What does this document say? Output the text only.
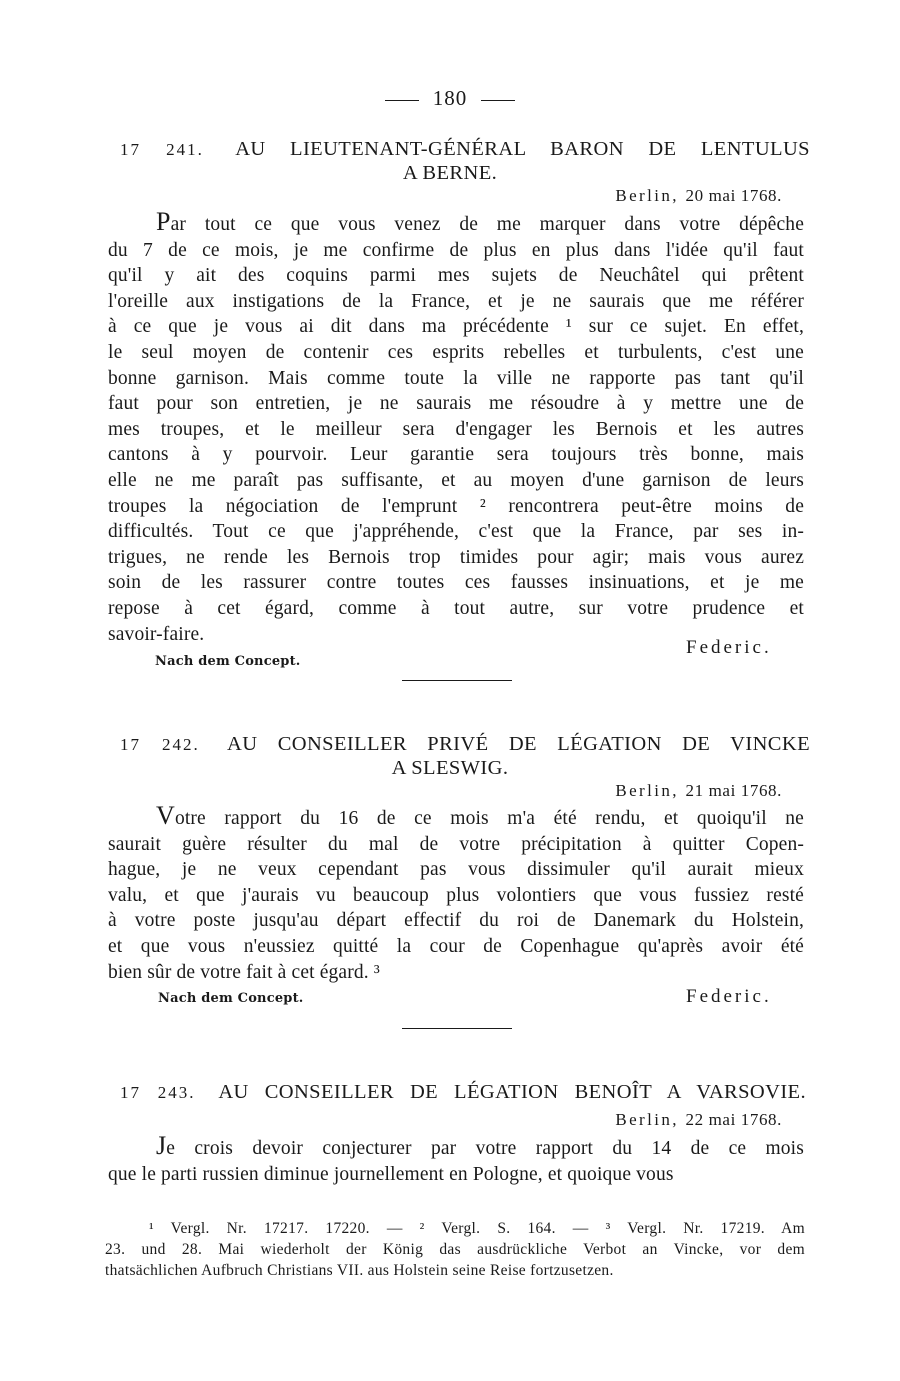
180
17 241. AU LIEUTENANT-GÉNÉRAL BARON DE LENTULUS
A BERNE.
Berlin, 20 mai 1768.
Par tout ce que vous venez de me marquer dans votre dépêche
du 7 de ce mois, je me confirme de plus en plus dans l'idée qu'il faut
qu'il y ait des coquins parmi mes sujets de Neuchâtel qui prêtent
l'oreille aux instigations de la France, et je ne saurais que me référer
à ce que je vous ai dit dans ma précédente ¹ sur ce sujet. En effet,
le seul moyen de contenir ces esprits rebelles et turbulents, c'est une
bonne garnison. Mais comme toute la ville ne rapporte pas tant qu'il
faut pour son entretien, je ne saurais me résoudre à y mettre une de
mes troupes, et le meilleur sera d'engager les Bernois et les autres
cantons à y pourvoir. Leur garantie sera toujours très bonne, mais
elle ne me paraît pas suffisante, et au moyen d'une garnison de leurs
troupes la négociation de l'emprunt ² rencontrera peut-être moins de
difficultés. Tout ce que j'appréhende, c'est que la France, par ses in-
trigues, ne rende les Bernois trop timides pour agir; mais vous aurez
soin de les rassurer contre toutes ces fausses insinuations, et je me
repose à cet égard, comme à tout autre, sur votre prudence et
savoir-faire.
Nach dem Concept.
Federic.
17 242. AU CONSEILLER PRIVÉ DE LÉGATION DE VINCKE
A SLESWIG.
Berlin, 21 mai 1768.
Votre rapport du 16 de ce mois m'a été rendu, et quoiqu'il ne
saurait guère résulter du mal de votre précipitation à quitter Copen-
hague, je ne veux cependant pas vous dissimuler qu'il aurait mieux
valu, et que j'aurais vu beaucoup plus volontiers que vous fussiez resté
à votre poste jusqu'au départ effectif du roi de Danemark du Holstein,
et que vous n'eussiez quitté la cour de Copenhague qu'après avoir été
bien sûr de votre fait à cet égard. ³
Nach dem Concept.	Federic.
17 243. AU CONSEILLER DE LÉGATION BENOÎT A VARSOVIE.
Berlin, 22 mai 1768.
Je crois devoir conjecturer par votre rapport du 14 de ce mois
que le parti russien diminue journellement en Pologne, et quoique vous
¹ Vergl. Nr. 17217. 17220. — ² Vergl. S. 164. — ³ Vergl. Nr. 17219. Am
23. und 28. Mai wiederholt der König das ausdrückliche Verbot an Vincke, vor dem
thatsächlichen Aufbruch Christians VII. aus Holstein seine Reise fortzusetzen.
